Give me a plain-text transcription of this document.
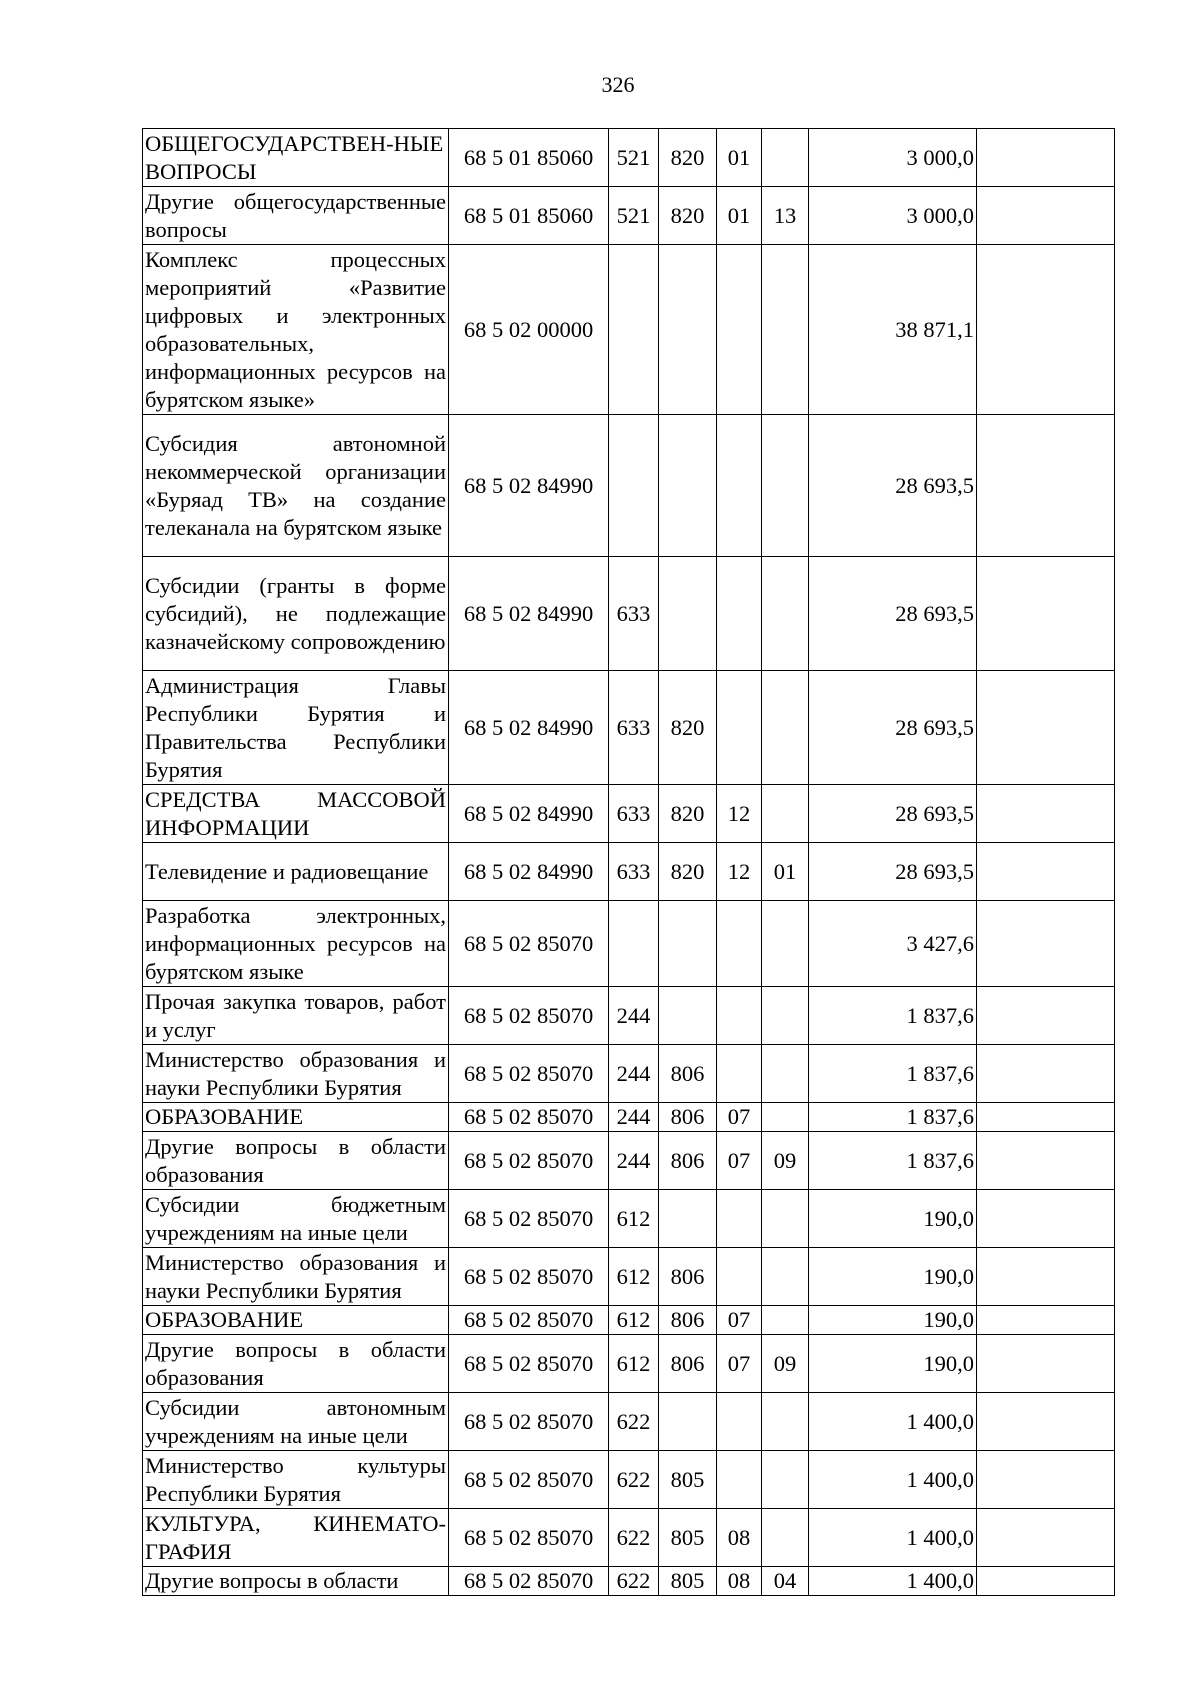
326
ОБЩЕГОСУДАРСТВЕН-НЫЕ ВОПРОСЫ	68 5 01 85060	521	820	01		3 000,0	
Другие общегосударственные вопросы	68 5 01 85060	521	820	01	13	3 000,0	
Комплекс процессных мероприятий «Развитие цифровых и электронных образовательных, информационных ресурсов на бурятском языке»	68 5 02 00000					38 871,1	
Субсидия автономной некоммерческой организации «Буряад ТВ» на создание телеканала на бурятском языке	68 5 02 84990					28 693,5	
Субсидии (гранты в форме субсидий), не подлежащие казначейскому сопровождению	68 5 02 84990	633				28 693,5	
Администрация Главы Республики Бурятия и Правительства Республики Бурятия	68 5 02 84990	633	820			28 693,5	
СРЕДСТВА МАССОВОЙ ИНФОРМАЦИИ	68 5 02 84990	633	820	12		28 693,5	
Телевидение и радиовещание	68 5 02 84990	633	820	12	01	28 693,5	
Разработка электронных, информационных ресурсов на бурятском языке	68 5 02 85070					3 427,6	
Прочая закупка товаров, работ и услуг	68 5 02 85070	244				1 837,6	
Министерство образования и науки Республики Бурятия	68 5 02 85070	244	806			1 837,6	
ОБРАЗОВАНИЕ	68 5 02 85070	244	806	07		1 837,6	
Другие вопросы в области образования	68 5 02 85070	244	806	07	09	1 837,6	
Субсидии бюджетным учреждениям на иные цели	68 5 02 85070	612				190,0	
Министерство образования и науки Республики Бурятия	68 5 02 85070	612	806			190,0	
ОБРАЗОВАНИЕ	68 5 02 85070	612	806	07		190,0	
Другие вопросы в области образования	68 5 02 85070	612	806	07	09	190,0	
Субсидии автономным учреждениям на иные цели	68 5 02 85070	622				1 400,0	
Министерство культуры Республики Бурятия	68 5 02 85070	622	805			1 400,0	
КУЛЬТУРА, КИНЕМАТО-ГРАФИЯ	68 5 02 85070	622	805	08		1 400,0	
Другие вопросы в области	68 5 02 85070	622	805	08	04	1 400,0	
